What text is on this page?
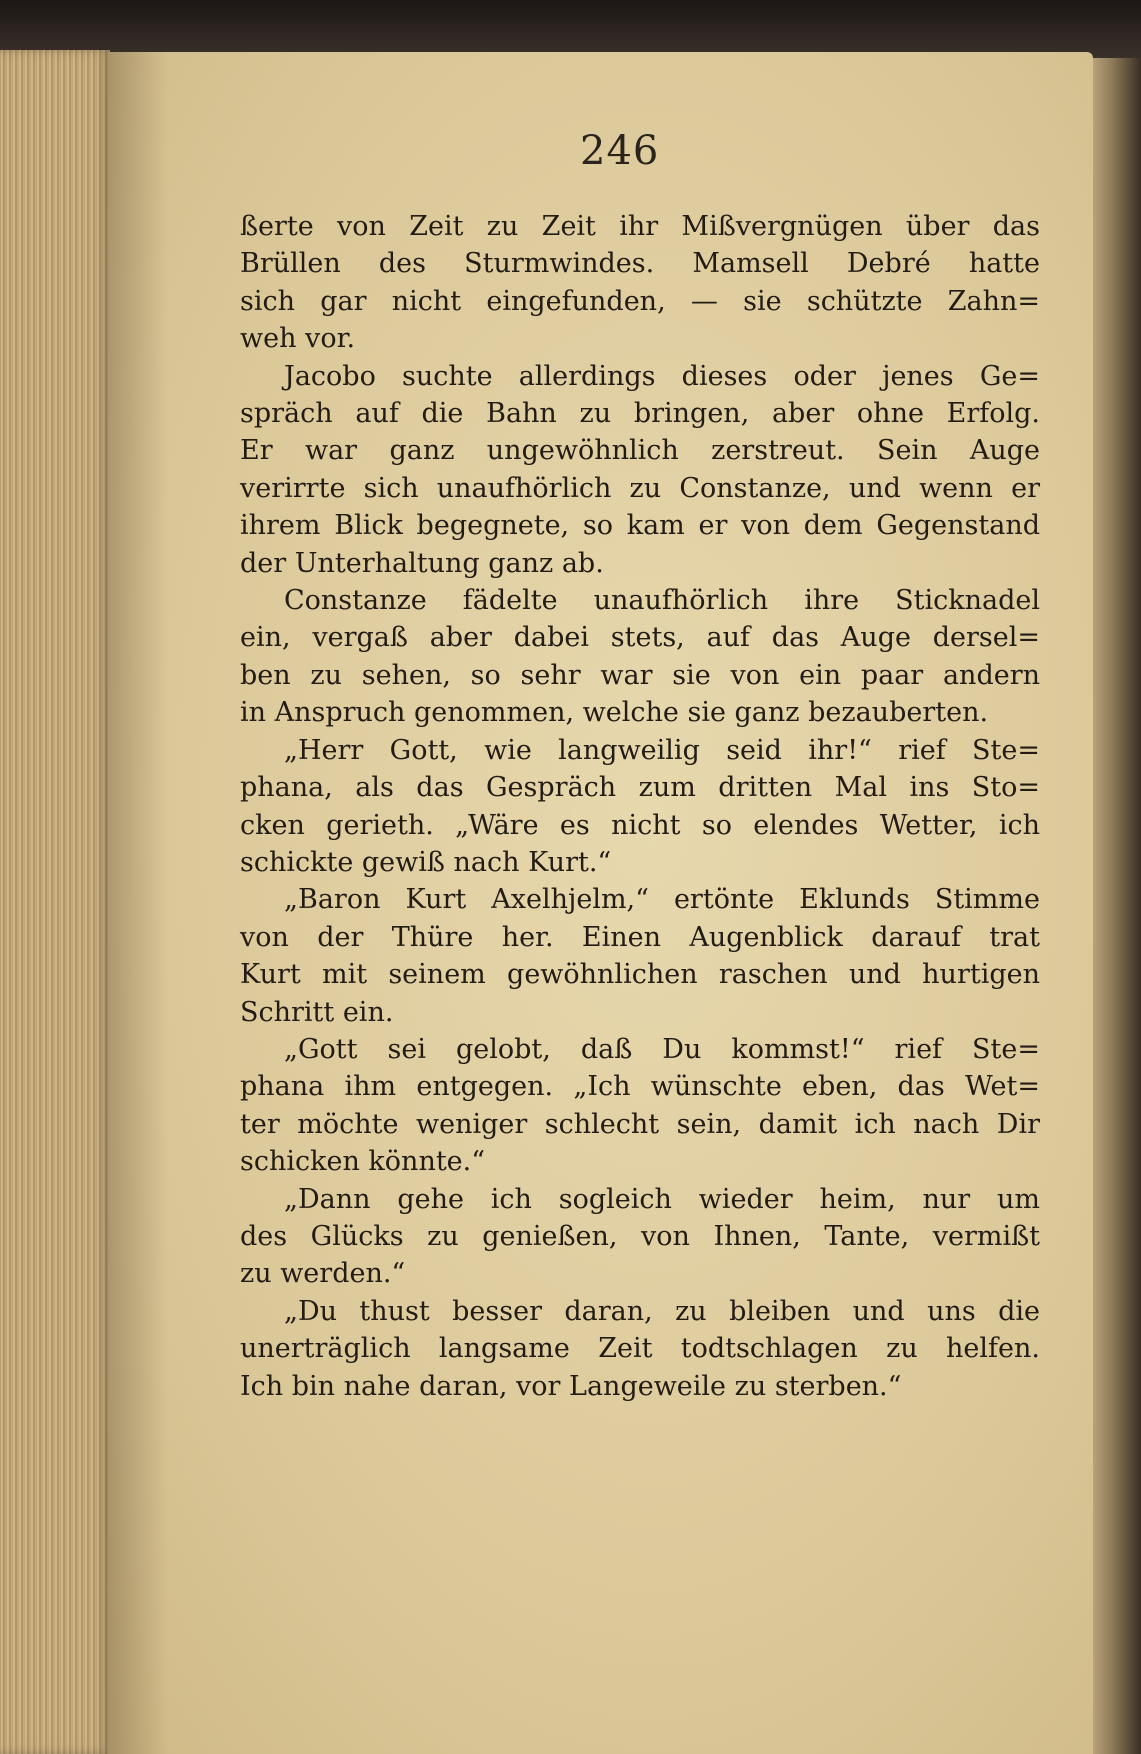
246
ßerte von Zeit zu Zeit ihr Mißvergnügen über das
Brüllen des Sturmwindes. Mamsell Debré hatte
sich gar nicht eingefunden, — sie schützte Zahn=
weh vor.
Jacobo suchte allerdings dieses oder jenes Ge=
spräch auf die Bahn zu bringen, aber ohne Erfolg.
Er war ganz ungewöhnlich zerstreut. Sein Auge
verirrte sich unaufhörlich zu Constanze, und wenn er
ihrem Blick begegnete, so kam er von dem Gegenstand
der Unterhaltung ganz ab.
Constanze fädelte unaufhörlich ihre Sticknadel
ein, vergaß aber dabei stets, auf das Auge dersel=
ben zu sehen, so sehr war sie von ein paar andern
in Anspruch genommen, welche sie ganz bezauberten.
„Herr Gott, wie langweilig seid ihr!“ rief Ste=
phana, als das Gespräch zum dritten Mal ins Sto=
cken gerieth. „Wäre es nicht so elendes Wetter, ich
schickte gewiß nach Kurt.“
„Baron Kurt Axelhjelm,“ ertönte Eklunds Stimme
von der Thüre her. Einen Augenblick darauf trat
Kurt mit seinem gewöhnlichen raschen und hurtigen
Schritt ein.
„Gott sei gelobt, daß Du kommst!“ rief Ste=
phana ihm entgegen. „Ich wünschte eben, das Wet=
ter möchte weniger schlecht sein, damit ich nach Dir
schicken könnte.“
„Dann gehe ich sogleich wieder heim, nur um
des Glücks zu genießen, von Ihnen, Tante, vermißt
zu werden.“
„Du thust besser daran, zu bleiben und uns die
unerträglich langsame Zeit todtschlagen zu helfen.
Ich bin nahe daran, vor Langeweile zu sterben.“
